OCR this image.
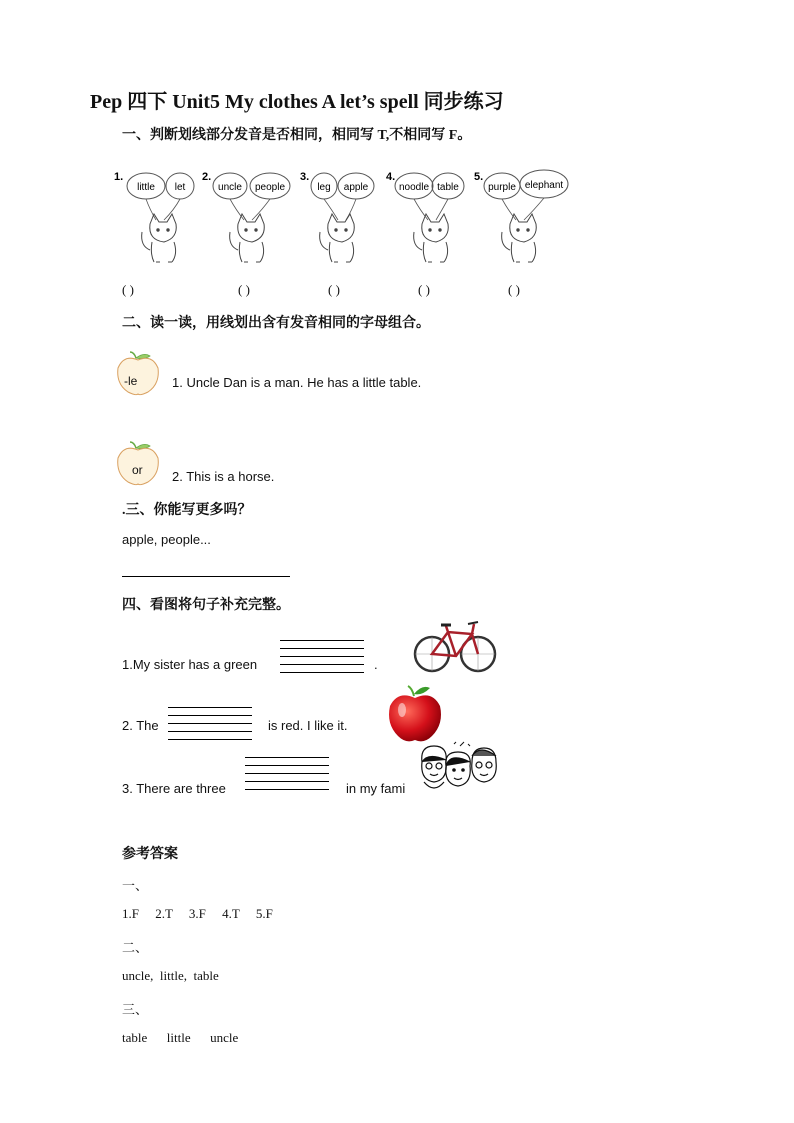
Pep 四下 Unit5 My clothes A let’s spell 同步练习
一、判断划线部分发音是否相同，相同写 T,不相同写 F。
1.
little let
2.
uncle people
3.
leg apple
4.
noodle table
5.
purple elephant
( )	( )	( )	( )	( )
二、读一读，用线划出含有发音相同的字母组合。
-le	1. Uncle Dan is a man. He has a little table.
or 2. This is a horse.
.三、你能写更多吗？
apple, people...
四、看图将句子补充完整。
1.My sister has a green	.
2. The	is red. I like it.
3. There are three	in my fami
参考答案
一、
1.F     2.T     3.F     4.T     5.F
二、
uncle,  little,  table
三、
table      little      uncle
